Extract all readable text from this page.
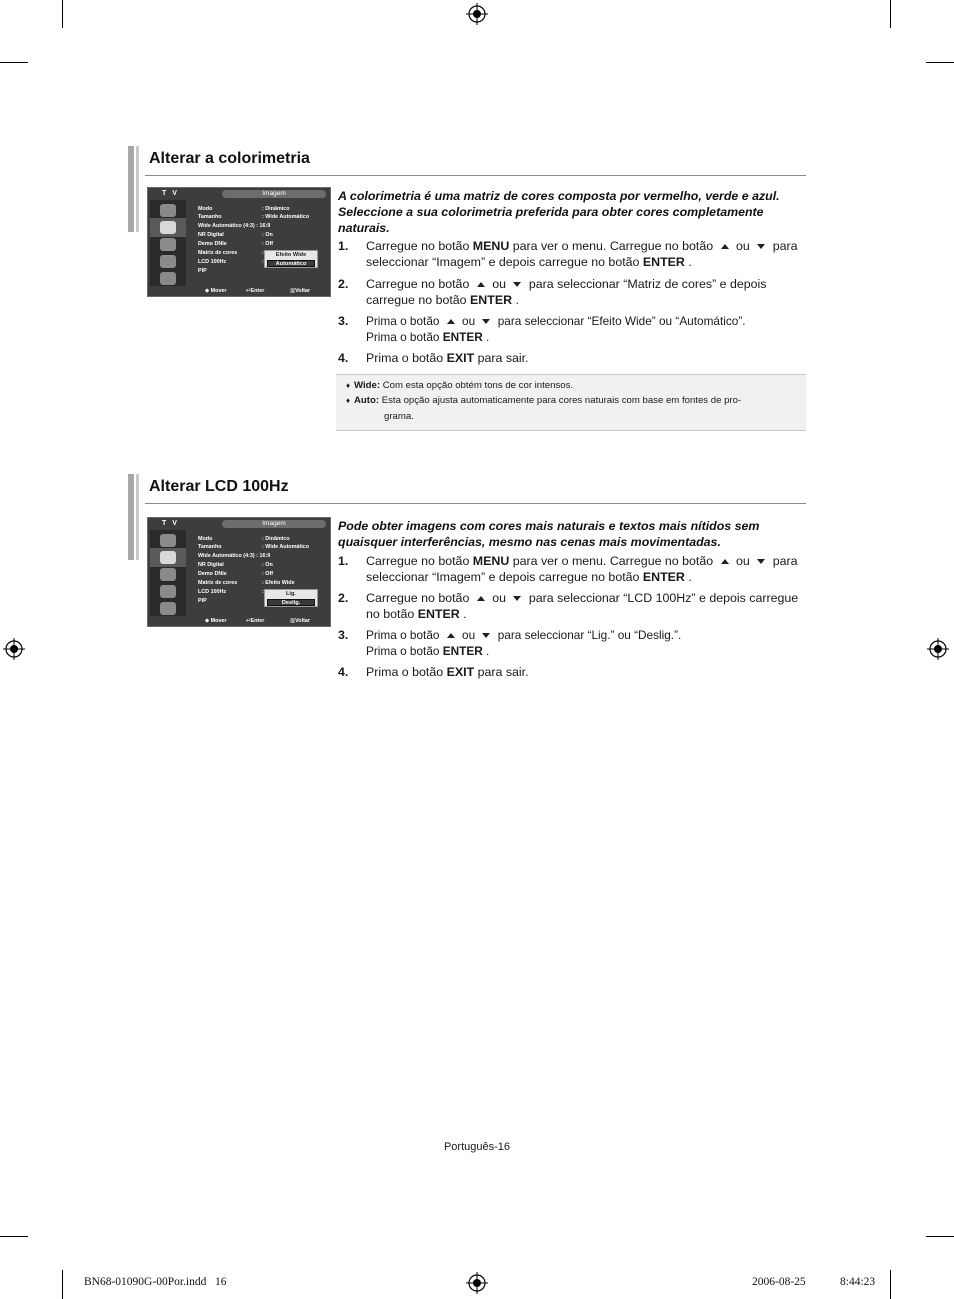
Alterar a colorimetria
T V	Imagem
Modo	: Dinâmico
Tamanho	: Wide Automático
Wide Automático (4:3) : 16:9
NR Digital	: On
Demo DNIe	: Off
Matriz de cores	:
LCD 100Hz	:
PIP
Efeito Wide
Automático
◆ Mover	↵Enter	▥Voltar
A colorimetria é uma matriz de cores composta por vermelho, verde e azul. Seleccione a sua colorimetria preferida para obter cores completamente naturais.
1. Carregue no botão MENU para ver o menu. Carregue no botão  ou  para seleccionar “Imagem” e depois carregue no botão ENTER .
2. Carregue no botão  ou  para seleccionar “Matriz de cores” e depois carregue no botão ENTER .
3. Prima o botão  ou  para seleccionar “Efeito Wide” ou “Automático”.
Prima o botão ENTER .
4. Prima o botão EXIT para sair.
♦ Wide: Com esta opção obtém tons de cor intensos.
♦ Auto: Esta opção ajusta automaticamente para cores naturais com base em fontes de pro-
grama.
Alterar LCD 100Hz
T V	Imagem
Modo	: Dinâmico
Tamanho	: Wide Automático
Wide Automático (4:3) : 16:9
NR Digital	: On
Demo DNIe	: Off
Matriz de cores	: Efeito Wide
LCD 100Hz	:
PIP
Lig.
Deslig.
◆ Mover	↵Enter	▥Voltar
Pode obter imagens com cores mais naturais e textos mais nítidos sem quaisquer interferências, mesmo nas cenas mais movimentadas.
1. Carregue no botão MENU para ver o menu. Carregue no botão  ou  para seleccionar “Imagem” e depois carregue no botão ENTER .
2. Carregue no botão  ou  para seleccionar “LCD 100Hz” e depois carregue no botão ENTER .
3. Prima o botão  ou  para seleccionar “Lig.” ou “Deslig.”.
Prima o botão ENTER .
4. Prima o botão EXIT para sair.
Português-16
BN68-01090G-00Por.indd   16	2006-08-25	8:44:23
